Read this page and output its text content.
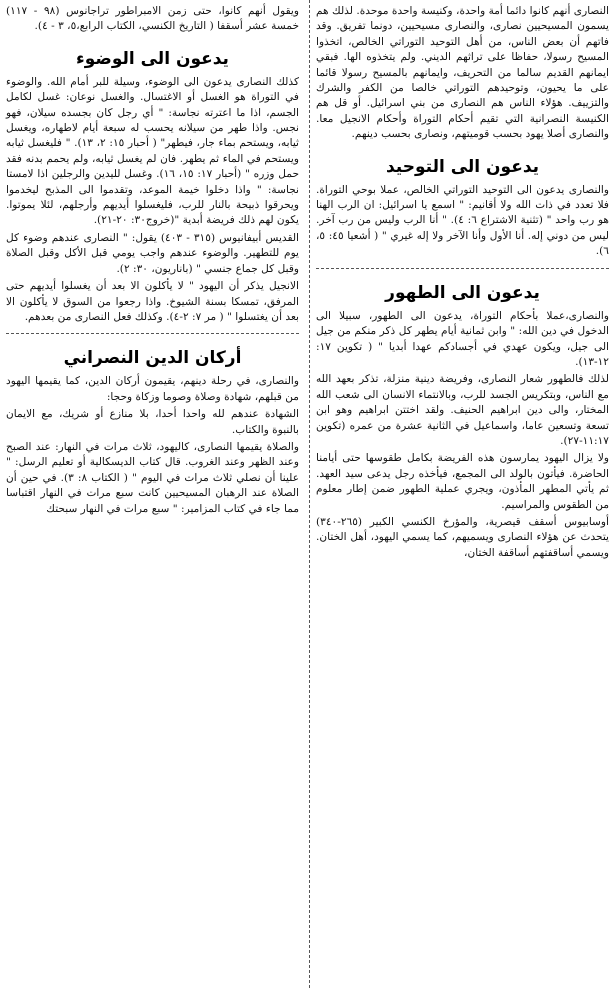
النصارى أنهم كانوا دائما أمة واحدة، وكنيسة واحدة موحدة. لذلك هم يسمون المسيحيين نصارى، والنصارى مسيحيين، دونما تفريق. وقد فاتهم أن بعض الناس، من أهل التوحيد التوراتي الخالص، اتخذوا المسيح رسولا، حفاظا على تراثهم الديني. ولم يتخذوه الها. فبقي ايمانهم القديم سالما من التحريف، وايمانهم بالمسيح رسولا قائما على ما يحيون، وتوحيدهم التوراتي خالصا من الكفر والشرك والتزييف. هؤلاء الناس هم النصارى من بني اسرائيل. أو قل هم الكنيسة النصرانية التي تقيم أحكام التوراة وأحكام الانجيل معا. والنصارى أصلا يهود بحسب قوميتهم، ونصارى بحسب دينهم.

يدعون الى التوحيد

والنصارى يدعون الى التوحيد التوراتي الخالص، عملا بوحي التوراة. فلا تعدد في ذات الله ولا أقانيم: " اسمع يا اسرائيل: ان الرب الهنا هو رب واحد " (تثنية الاشتراع ٦: ٤). " أنا الرب وليس من رب آخر. ليس من دوني إله. أنا الأول وأنا الآخر ولا إله غيري " ( أشعيا ٤٥: ٥، ٦).

يدعون الى الطهور

والنصارى،عملا بأحكام التوراة، يدعون الى الطهور، سبيلا الى الدخول في دين الله: " وابن ثمانية أيام يطهر كل ذكر منكم من جيل الى جيل، ويكون عهدي في أجسادكم عهدا أبديا " ( تكوين ١٧: ١٢-١٣).

لذلك فالطهور شعار النصارى، وفريضة دينية منزلة، تذكر بعهد الله مع الناس، وبتكريس الجسد للرب، وبالانتماء الانسان الى شعب الله المختار، والى دين ابراهيم الحنيف. ولقد اختتن ابراهيم وهو ابن تسعة وتسعين عاما، واسماعيل في الثانية عشرة من عمره (تكوين ١١:١٧-٢٧).

ولا يزال اليهود يمارسون هذه الفريضة بكامل طقوسها حتى أيامنا الحاضرة. فيأتون بالولد الى المجمع، فيأخذه رجل يدعى سيد العهد. ثم يأتي المطهر المأذون، ويجري عملية الطهور ضمن إطار معلوم من الطقوس والمراسيم.

أوسابيوس أسقف قيصرية، والمؤرخ الكنسي الكبير (٢٦٥-٣٤٠) يتحدث عن هؤلاء النصارى ويسميهم، كما يسمي اليهود، أهل الختان. ويسمي أساقفتهم أساقفة الختان،

ويقول أنهم كانوا، حتى زمن الامبراطور تراجانوس (٩٨ - ١١٧) خمسة عشر أسقفا ( التاريخ الكنسي، الكتاب الرابع،٥، ٣ - ٤).

يدعون الى الوضوء

كذلك النصارى يدعون الى الوضوء، وسيلة للبر أمام الله. والوضوء في التوراة هو الغسل أو الاغتسال. والغسل نوعان: غسل لكامل الجسم، اذا ما اعترته نجاسة: " أي رجل كان بجسده سيلان، فهو نجس. واذا طهر من سيلانه يحسب له سبعة أيام لاطهاره، ويغسل ثيابه، ويستحم بماء جار، فيطهر" ( أحبار ١٥: ٢، ١٣). " فليغسل ثيابه ويستحم في الماء ثم يطهر. فان لم يغسل ثيابه، ولم يحمم بدنه فقد حمل وزره " (أحبار ١٧: ١٥، ١٦). وغسل لليدين والرجلين اذا لامستا نجاسة: " واذا دخلوا خيمة الموعد، وتقدموا الى المذبح ليخدموا ويحرقوا ذبيحة بالنار للرب، فليغسلوا أيديهم وأرجلهم، لئلا يموتوا. يكون لهم ذلك فريضة أبدية "(خروج٣٠: ٢٠-٢١).

القديس أبيفانيوس (٣١٥ - ٤٠٣) يقول: " النصارى عندهم وضوء كل يوم للتطهير. والوضوء عندهم واجب يومي قبل الأكل وقبل الصلاة وقبل كل جماع جنسي " (باناريون، ٣٠: ٢).

الانجيل يذكر أن اليهود " لا يأكلون الا بعد أن يغسلوا أيديهم حتى المرفق، تمسكا بسنة الشيوخ. واذا رجعوا من السوق لا يأكلون الا بعد أن يغتسلوا " ( مر ٧: ٢-٤). وكذلك فعل النصارى من بعدهم.

أركان الدين النصراني

والنصارى، في رحلة دينهم، يقيمون أركان الدين، كما يقيمها اليهود من قبلهم، شهادة وصلاة وصوما وزكاة وحجا:

الشهادة عندهم لله واحدا أحدا، بلا منازع أو شريك، مع الايمان بالنبوة والكتاب.

والصلاة يقيمها النصارى، كاليهود، ثلاث مرات في النهار: عند الصبح وعند الظهر وعند الغروب. قال كتاب الديسكالية أو تعليم الرسل: " علينا أن نصلي ثلاث مرات في اليوم " ( الكتاب ٨: ٣). في حين أن الصلاة عند الرهبان المسيحيين كانت سبع مرات في النهار اقتباسا مما جاء في كتاب المزامير: " سبع مرات في النهار سبحتك
